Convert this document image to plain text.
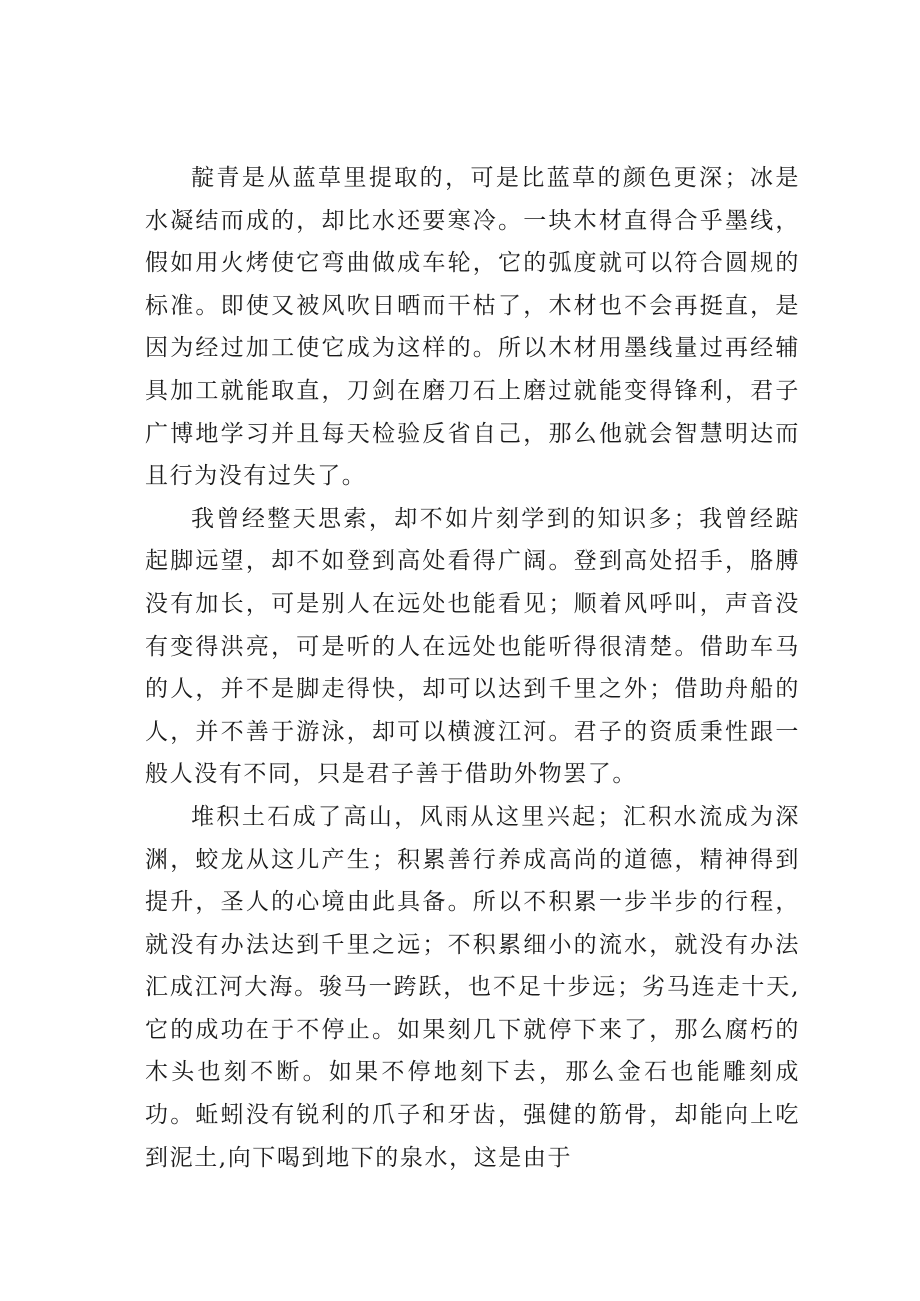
靛青是从蓝草里提取的，可是比蓝草的颜色更深；冰是水凝结而成的，却比水还要寒冷。一块木材直得合乎墨线，假如用火烤使它弯曲做成车轮，它的弧度就可以符合圆规的标准。即使又被风吹日晒而干枯了，木材也不会再挺直，是因为经过加工使它成为这样的。所以木材用墨线量过再经辅具加工就能取直，刀剑在磨刀石上磨过就能变得锋利，君子广博地学习并且每天检验反省自己，那么他就会智慧明达而且行为没有过失了。

我曾经整天思索，却不如片刻学到的知识多；我曾经踮起脚远望，却不如登到高处看得广阔。登到高处招手，胳膊没有加长，可是别人在远处也能看见；顺着风呼叫，声音没有变得洪亮，可是听的人在远处也能听得很清楚。借助车马的人，并不是脚走得快，却可以达到千里之外；借助舟船的人，并不善于游泳，却可以横渡江河。君子的资质秉性跟一般人没有不同，只是君子善于借助外物罢了。

堆积土石成了高山，风雨从这里兴起；汇积水流成为深渊，蛟龙从这儿产生；积累善行养成高尚的道德，精神得到提升，圣人的心境由此具备。所以不积累一步半步的行程，就没有办法达到千里之远；不积累细小的流水，就没有办法汇成江河大海。骏马一跨跃，也不足十步远；劣马连走十天,它的成功在于不停止。如果刻几下就停下来了，那么腐朽的木头也刻不断。如果不停地刻下去，那么金石也能雕刻成功。蚯蚓没有锐利的爪子和牙齿，强健的筋骨，却能向上吃到泥土,向下喝到地下的泉水，这是由于
